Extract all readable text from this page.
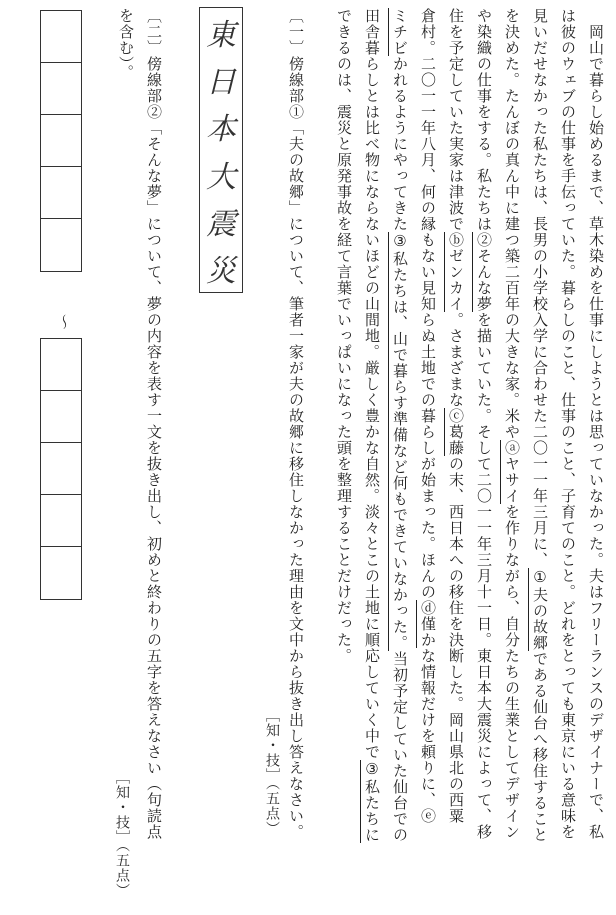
　岡山で暮らし始めるまで、草木染めを仕事にしようとは思っていなかった。夫はフリーランスのデザイナーで、私
は彼のウェブの仕事を手伝っていた。暮らしのこと、仕事のこと、子育てのこと。どれをとっても東京にいる意味を
見いだせなかった私たちは、長男の小学校入学に合わせた二〇一一年三月に、①夫の故郷である仙台へ移住すること
を決めた。たんぼの真ん中に建つ築二百年の大きな家。米やⓐヤサイを作りながら、自分たちの生業としてデザイン
や染織の仕事をする。私たちは②そんな夢を描いていた。そして二〇一一年三月十一日。東日本大震災によって、移
住を予定していた実家は津波でⓑゼンカイ。さまざまなⓒ葛藤の末、西日本への移住を決断した。岡山県北の西粟
倉村。二〇一一年八月、何の縁もない見知らぬ土地での暮らしが始まった。ほんのⓓ僅かな情報だけを頼りに、ⓔ
ミチビかれるようにやってきた③私たちは、山で暮らす準備など何もできていなかった。当初予定していた仙台での
田舎暮らしとは比べ物にならないほどの山間地。厳しく豊かな自然。淡々とこの土地に順応していく中で③私たちに
できるのは、震災と原発事故を経て言葉でいっぱいになった頭を整理することだけだった。
〔一〕傍線部①「夫の故郷」について、筆者一家が夫の故郷に移住しなかった理由を文中から抜き出し答えなさい。
［知・技］（五点）
東
日
本
大
震
災
〔二〕傍線部②「そんな夢」について、夢の内容を表す一文を抜き出し、初めと終わりの五字を答えなさい（句読点
を含む）。
［知・技］（五点）
〜
